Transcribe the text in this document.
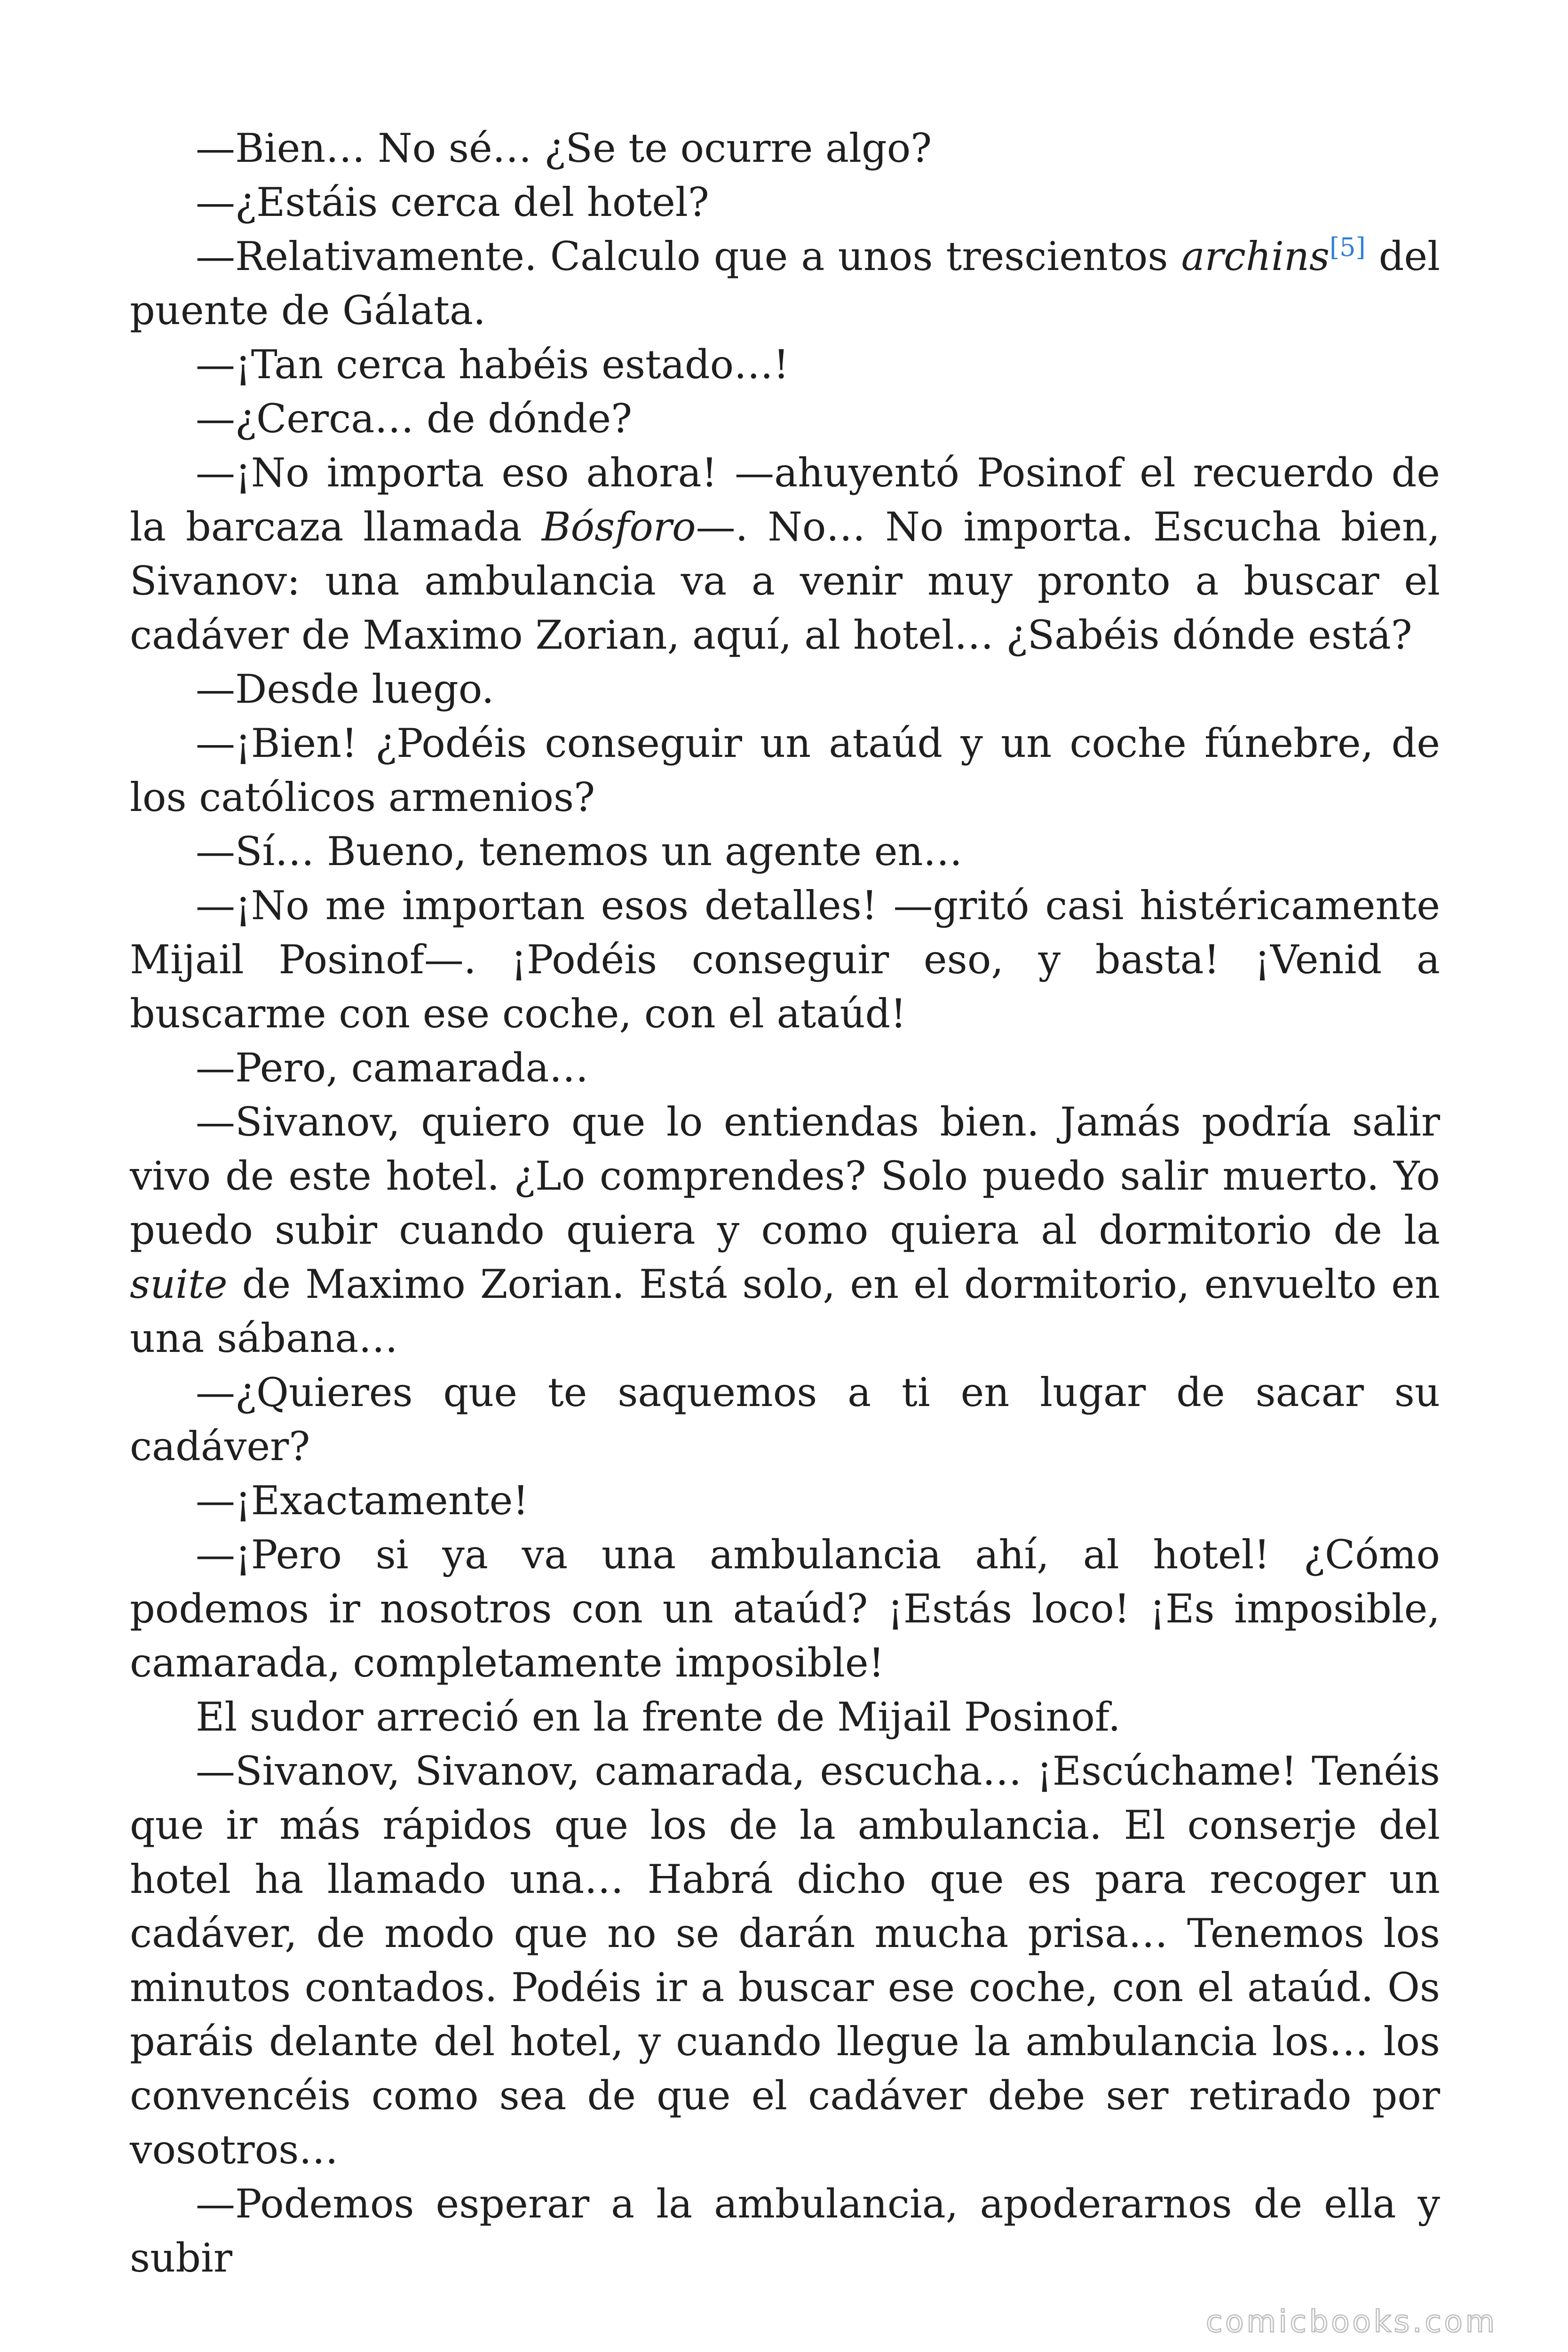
—Bien… No sé… ¿Se te ocurre algo?

—¿Estáis cerca del hotel?

—Relativamente. Calculo que a unos trescientos archins[5] del puente de Gálata.

—¡Tan cerca habéis estado…!

—¿Cerca… de dónde?

—¡No importa eso ahora! —ahuyentó Posinof el recuerdo de la barcaza llamada Bósforo—. No… No importa. Escucha bien, Sivanov: una ambulancia va a venir muy pronto a buscar el cadáver de Maximo Zorian, aquí, al hotel… ¿Sabéis dónde está?

—Desde luego.

—¡Bien! ¿Podéis conseguir un ataúd y un coche fúnebre, de los católicos armenios?

—Sí… Bueno, tenemos un agente en…

—¡No me importan esos detalles! —gritó casi histéricamente Mijail Posinof—. ¡Podéis conseguir eso, y basta! ¡Venid a buscarme con ese coche, con el ataúd!

—Pero, camarada…

—Sivanov, quiero que lo entiendas bien. Jamás podría salir vivo de este hotel. ¿Lo comprendes? Solo puedo salir muerto. Yo puedo subir cuando quiera y como quiera al dormitorio de la suite de Maximo Zorian. Está solo, en el dormitorio, envuelto en una sábana…

—¿Quieres que te saquemos a ti en lugar de sacar su cadáver?

—¡Exactamente!

—¡Pero si ya va una ambulancia ahí, al hotel! ¿Cómo podemos ir nosotros con un ataúd? ¡Estás loco! ¡Es imposible, camarada, completamente imposible!

El sudor arreció en la frente de Mijail Posinof.

—Sivanov, Sivanov, camarada, escucha… ¡Escúchame! Tenéis que ir más rápidos que los de la ambulancia. El conserje del hotel ha llamado una… Habrá dicho que es para recoger un cadáver, de modo que no se darán mucha prisa… Tenemos los minutos contados. Podéis ir a buscar ese coche, con el ataúd. Os paráis delante del hotel, y cuando llegue la ambulancia los… los convencéis como sea de que el cadáver debe ser retirado por vosotros…

—Podemos esperar a la ambulancia, apoderarnos de ella y subir

comicbooks.com
